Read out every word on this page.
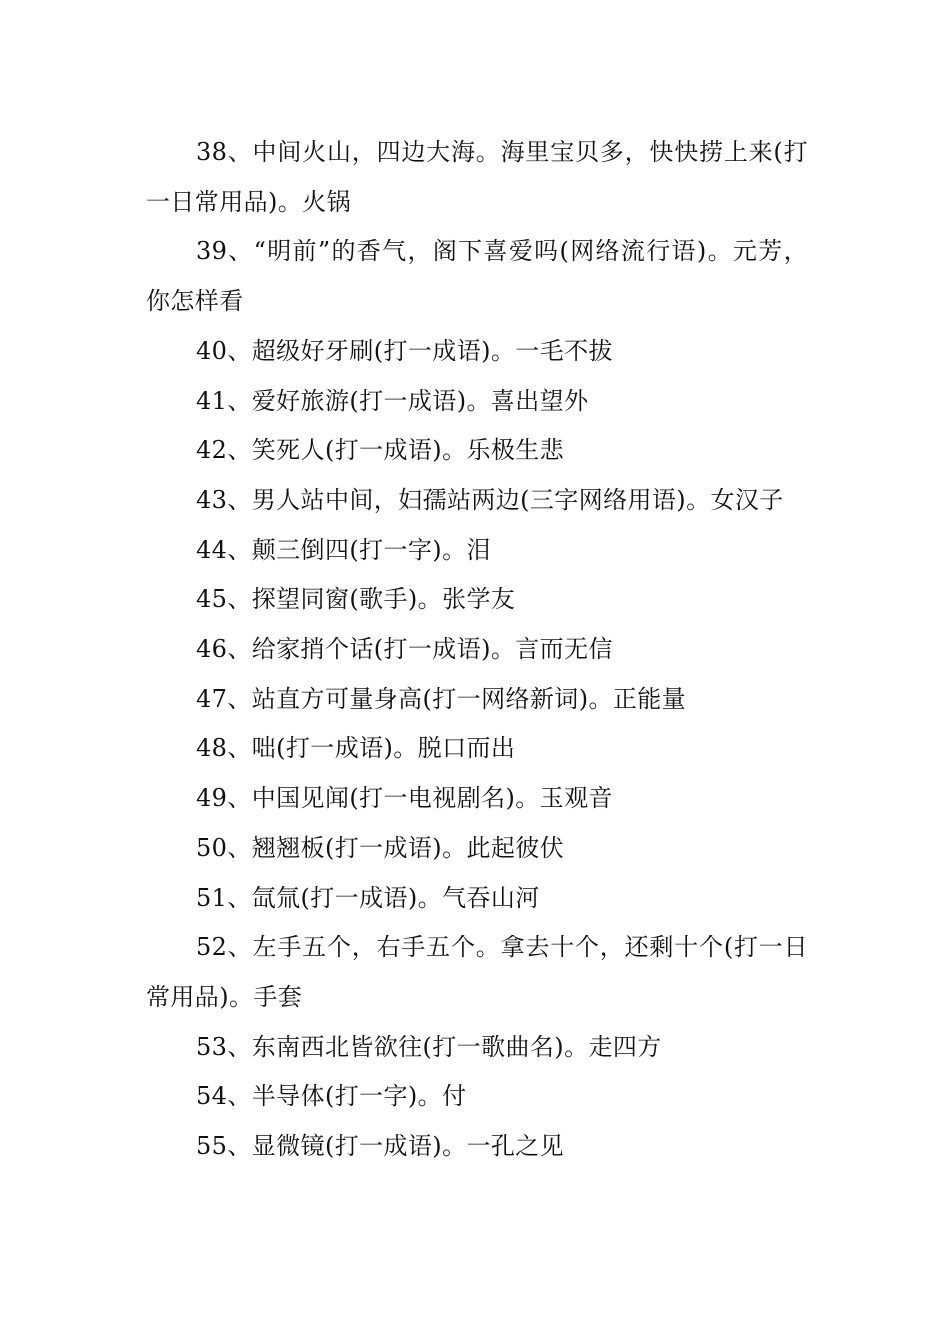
38、中间火山，四边大海。海里宝贝多，快快捞上来(打一日常用品)。火锅

39、“明前”的香气，阁下喜爱吗(网络流行语)。元芳，你怎样看

40、超级好牙刷(打一成语)。一毛不拔

41、爱好旅游(打一成语)。喜出望外

42、笑死人(打一成语)。乐极生悲

43、男人站中间，妇孺站两边(三字网络用语)。女汉子

44、颠三倒四(打一字)。泪

45、探望同窗(歌手)。张学友

46、给家捎个话(打一成语)。言而无信

47、站直方可量身高(打一网络新词)。正能量

48、咄(打一成语)。脱口而出

49、中国见闻(打一电视剧名)。玉观音

50、翘翘板(打一成语)。此起彼伏

51、氙氚(打一成语)。气吞山河

52、左手五个，右手五个。拿去十个，还剩十个(打一日常用品)。手套

53、东南西北皆欲往(打一歌曲名)。走四方

54、半导体(打一字)。付

55、显微镜(打一成语)。一孔之见
